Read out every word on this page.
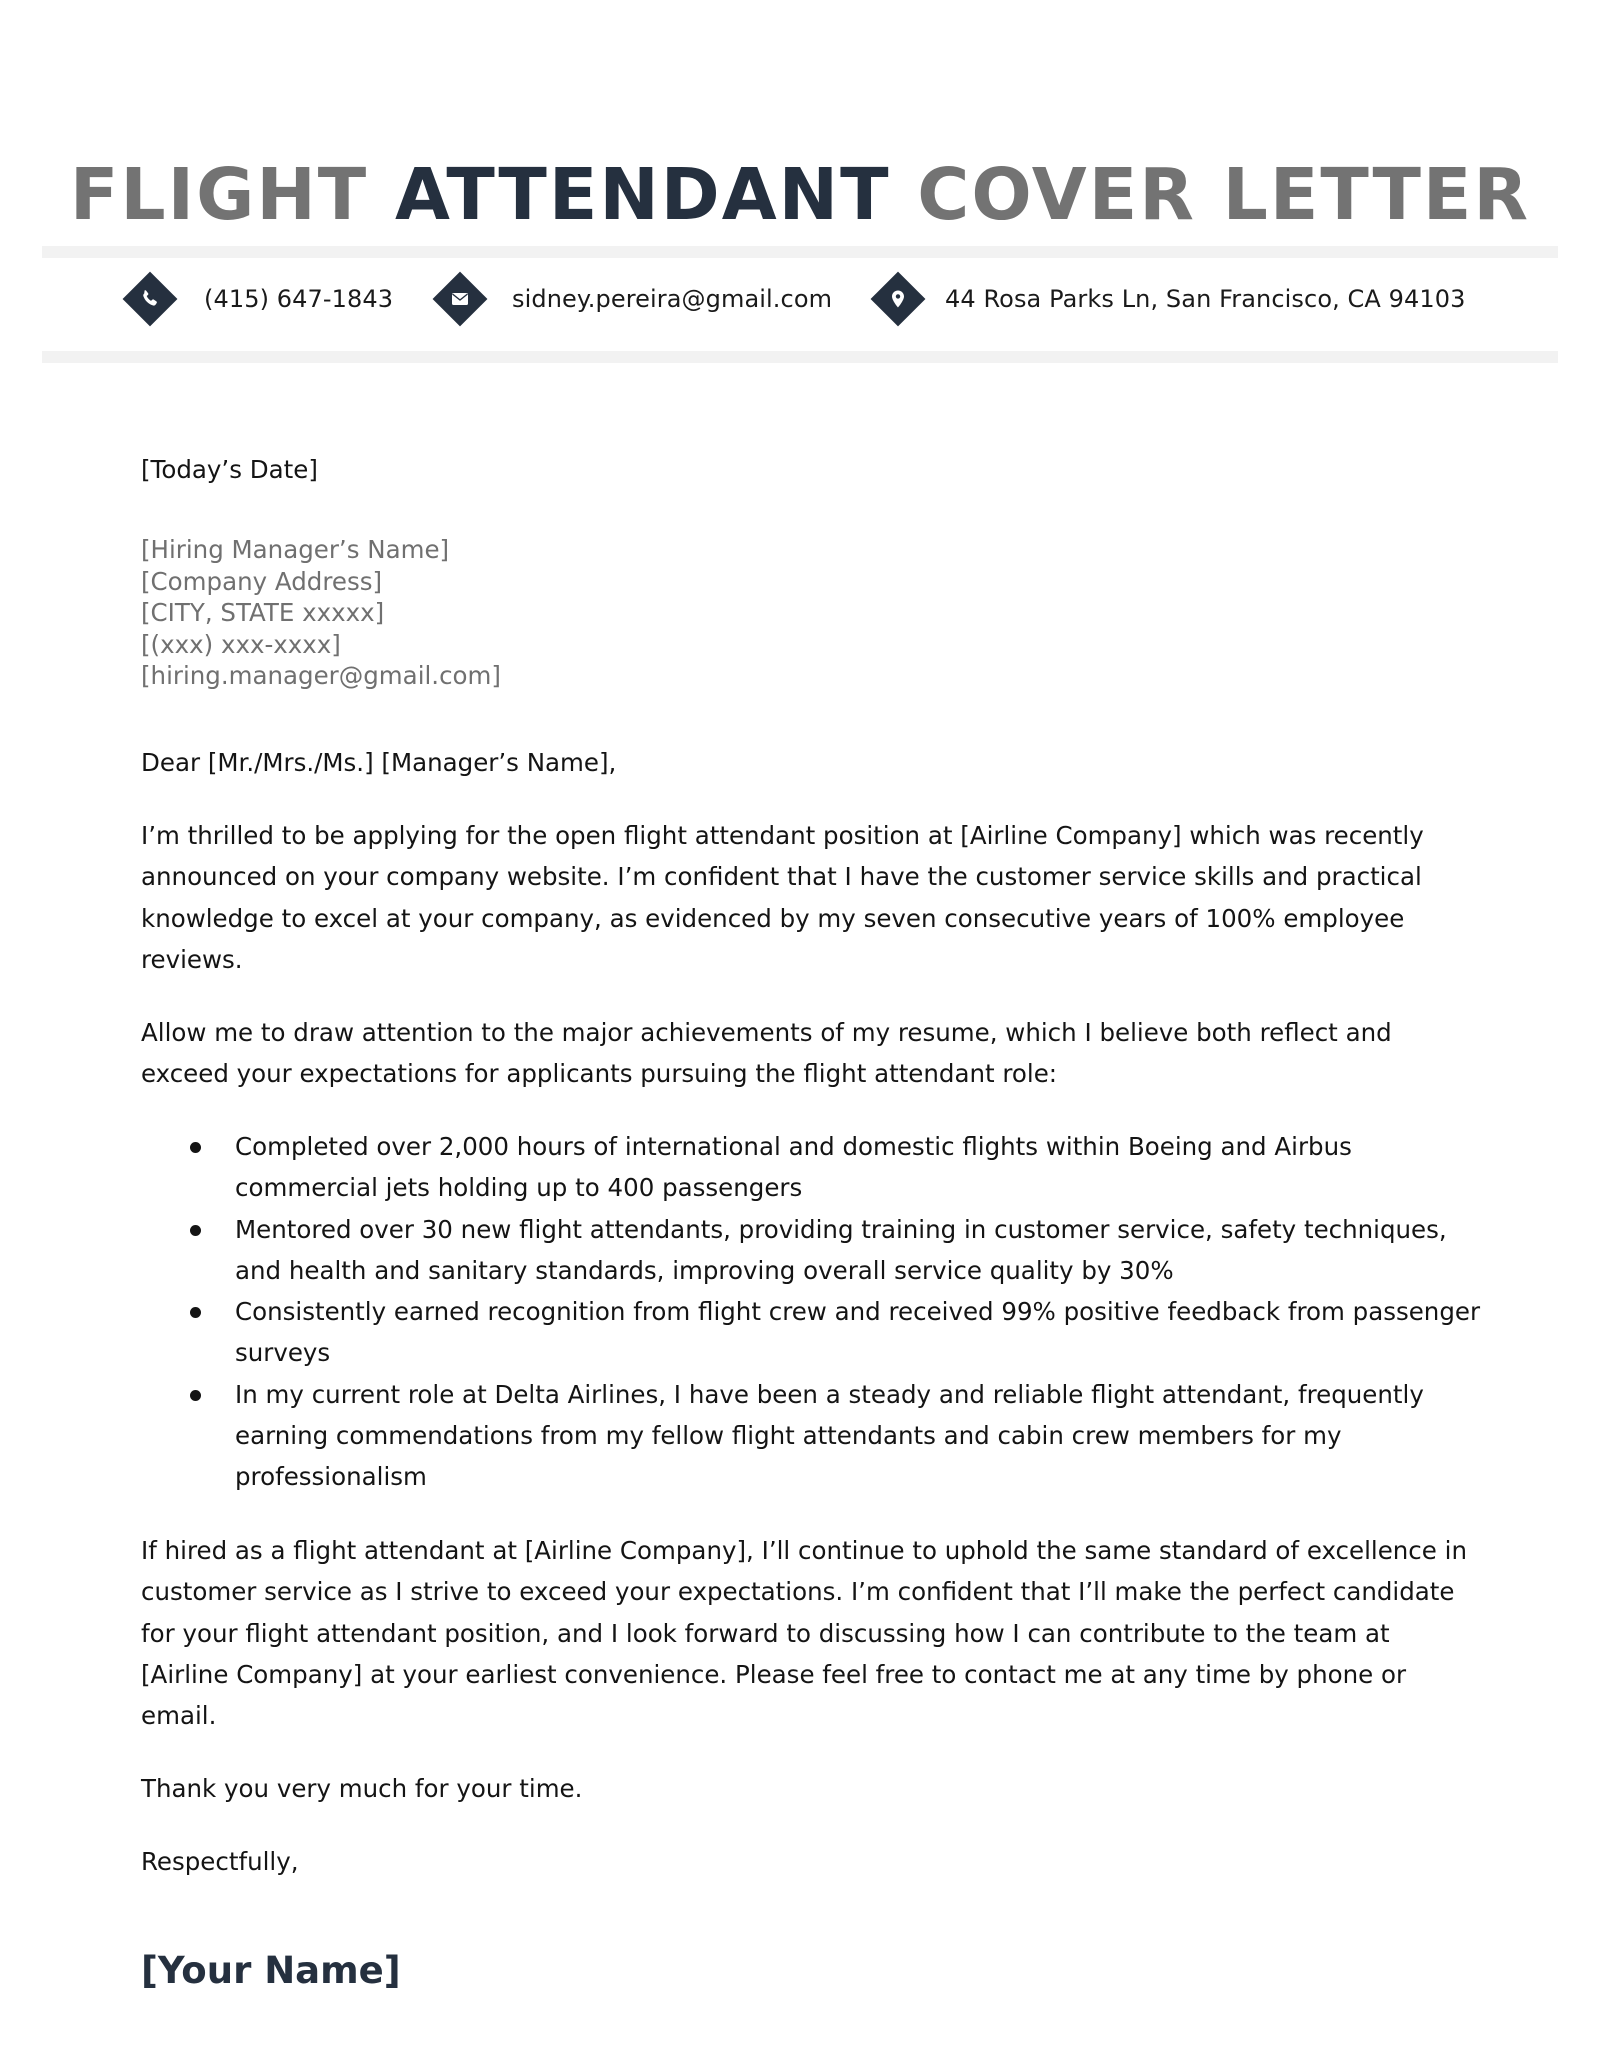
FLIGHT ATTENDANT COVER LETTER
(415) 647-1843	sidney.pereira@gmail.com	44 Rosa Parks Ln, San Francisco, CA 94103
[Today’s Date]
[Hiring Manager’s Name]
[Company Address]
[CITY, STATE xxxxx]
[(xxx) xxx-xxxx]
[hiring.manager@gmail.com]
Dear [Mr./Mrs./Ms.] [Manager’s Name],

I’m thrilled to be applying for the open flight attendant position at [Airline Company] which was recently announced on your company website. I’m confident that I have the customer service skills and practical knowledge to excel at your company, as evidenced by my seven consecutive years of 100% employee reviews.

Allow me to draw attention to the major achievements of my resume, which I believe both reflect and exceed your expectations for applicants pursuing the flight attendant role:

Completed over 2,000 hours of international and domestic flights within Boeing and Airbus commercial jets holding up to 400 passengers
Mentored over 30 new flight attendants, providing training in customer service, safety techniques, and health and sanitary standards, improving overall service quality by 30%
Consistently earned recognition from flight crew and received 99% positive feedback from passenger surveys
In my current role at Delta Airlines, I have been a steady and reliable flight attendant, frequently earning commendations from my fellow flight attendants and cabin crew members for my professionalism

If hired as a flight attendant at [Airline Company], I’ll continue to uphold the same standard of excellence in customer service as I strive to exceed your expectations. I’m confident that I’ll make the perfect candidate for your flight attendant position, and I look forward to discussing how I can contribute to the team at [Airline Company] at your earliest convenience. Please feel free to contact me at any time by phone or email.

Thank you very much for your time.
Respectfully,
[Your Name]
